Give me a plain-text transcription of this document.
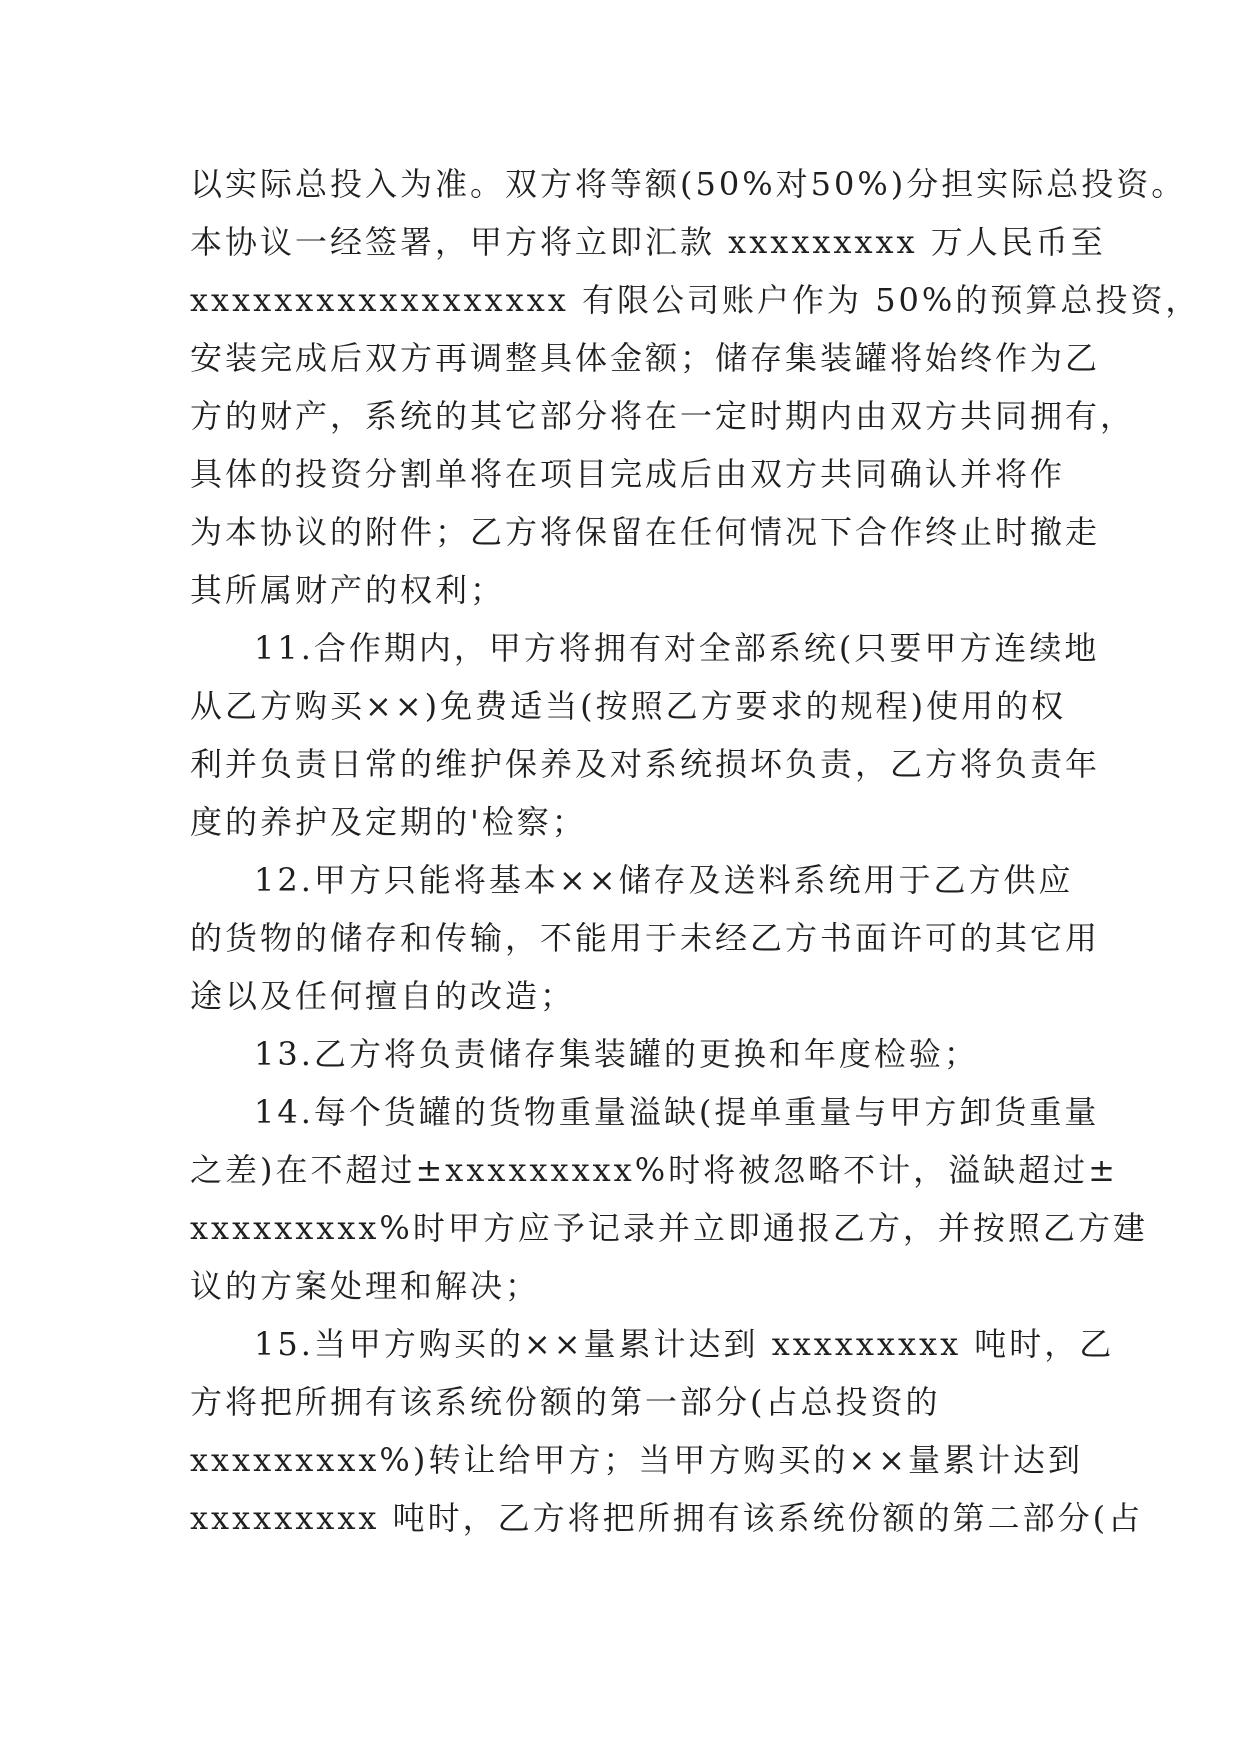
以实际总投入为准。双方将等额(50%对50%)分担实际总投资。
本协议一经签署，甲方将立即汇款 xxxxxxxxx 万人民币至
xxxxxxxxxxxxxxxxxx 有限公司账户作为 50%的预算总投资，
安装完成后双方再调整具体金额；储存集装罐将始终作为乙
方的财产，系统的其它部分将在一定时期内由双方共同拥有，
具体的投资分割单将在项目完成后由双方共同确认并将作
为本协议的附件；乙方将保留在任何情况下合作终止时撤走
其所属财产的权利；
11.合作期内，甲方将拥有对全部系统(只要甲方连续地
从乙方购买××)免费适当(按照乙方要求的规程)使用的权
利并负责日常的维护保养及对系统损坏负责，乙方将负责年
度的养护及定期的'检察；
12.甲方只能将基本××储存及送料系统用于乙方供应
的货物的储存和传输，不能用于未经乙方书面许可的其它用
途以及任何擅自的改造；
13.乙方将负责储存集装罐的更换和年度检验；
14.每个货罐的货物重量溢缺(提单重量与甲方卸货重量
之差)在不超过±xxxxxxxxx%时将被忽略不计，溢缺超过±
xxxxxxxxx%时甲方应予记录并立即通报乙方，并按照乙方建
议的方案处理和解决；
15.当甲方购买的××量累计达到 xxxxxxxxx 吨时，乙
方将把所拥有该系统份额的第一部分(占总投资的
xxxxxxxxx%)转让给甲方；当甲方购买的××量累计达到
xxxxxxxxx 吨时，乙方将把所拥有该系统份额的第二部分(占
